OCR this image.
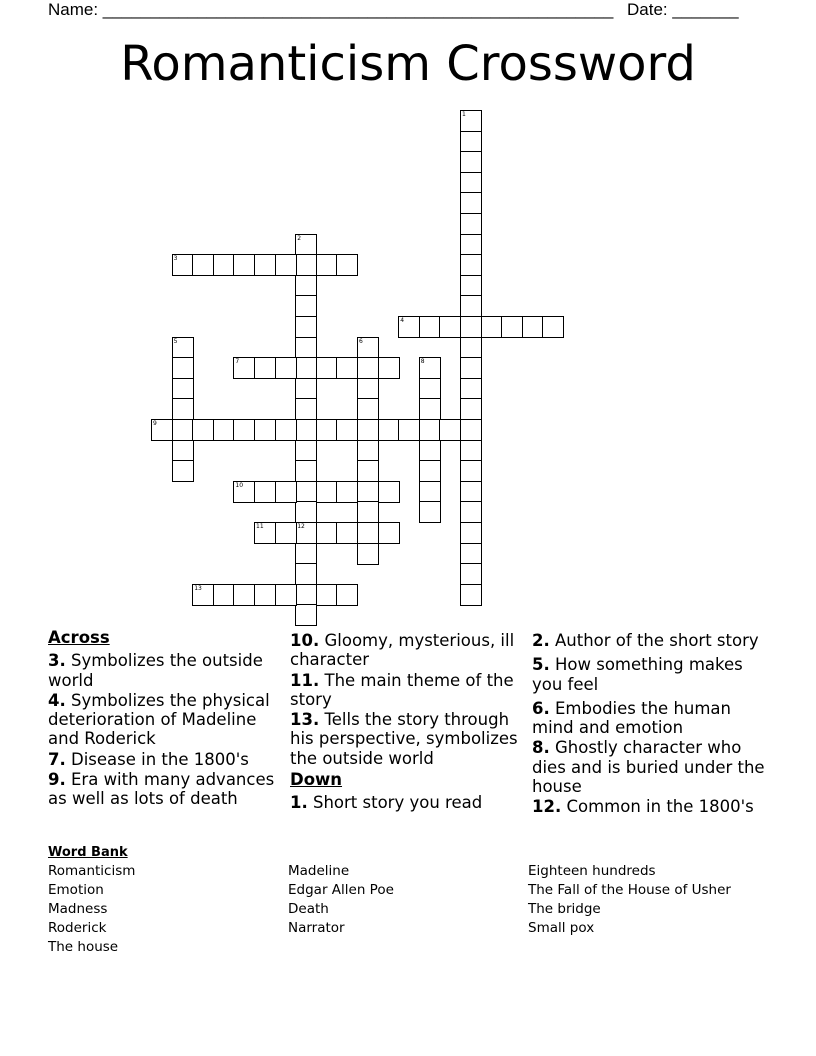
Name: ______________________________________________________ Date: _______
Romanticism Crossword
1
2
12
3
4
5	6
7	8
9
10
11
13
Across
3. Symbolizes the outside world
4. Symbolizes the physical deterioration of Madeline and Roderick
7. Disease in the 1800's
9. Era with many advances as well as lots of death
10. Gloomy, mysterious, ill character
11. The main theme of the story
13. Tells the story through his perspective, symbolizes the outside world
Down
1. Short story you read
2. Author of the short story
5. How something makes you feel
6. Embodies the human mind and emotion
8. Ghostly character who dies and is buried under the house
12. Common in the 1800's
Word Bank
Romanticism
Emotion
Madness
Roderick
The house
Madeline
Edgar Allen Poe
Death
Narrator
Eighteen hundreds
The Fall of the House of Usher
The bridge
Small pox
